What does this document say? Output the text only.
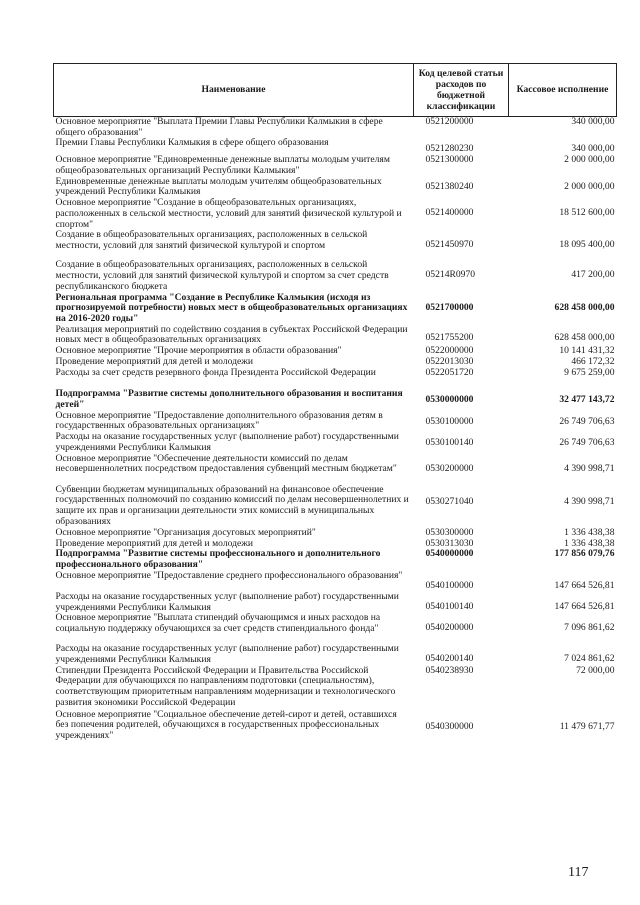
Наименование	Код целевой статьи расходов по бюджетной классификации	Кассовое исполнение
Основное мероприятие "Выплата Премии Главы Республики Калмыкия в сфере общего образования"	0521200000	340 000,00
Премии Главы Республики Калмыкия в сфере общего образования	0521280230	340 000,00
Основное мероприятие "Единовременные денежные выплаты молодым учителям общеобразовательных организаций Республики Калмыкия"	0521300000	2 000 000,00
Единовременные денежные выплаты молодым учителям общеобразовательных учреждений Республики Калмыкия	0521380240	2 000 000,00
Основное мероприятие "Создание в общеобразовательных организациях, расположенных в сельской местности, условий для занятий физической культурой и спортом"	0521400000	18 512 600,00
Создание в общеобразовательных организациях, расположенных в сельской местности, условий для занятий физической культурой и спортом	0521450970	18 095 400,00
Создание в общеобразовательных организациях, расположенных в сельской местности, условий для занятий физической культурой и спортом за счет средств республиканского бюджета	05214R0970	417 200,00
Региональная программа "Создание в Республике Калмыкия (исходя из прогнозируемой потребности) новых мест в общеобразовательных организациях на 2016-2020 годы"	0521700000	628 458 000,00
Реализация мероприятий по содействию создания в субъектах Российской Федерации новых мест в общеобразовательных организациях	0521755200	628 458 000,00
Основное мероприятие "Прочие мероприятия в области образования"	0522000000	10 141 431,32
Проведение мероприятий для детей и молодежи	0522013030	466 172,32
Расходы за счет средств резервного фонда Президента Российской Федерации	0522051720	9 675 259,00
Подпрограмма "Развитие системы дополнительного образования и воспитания детей"	0530000000	32 477 143,72
Основное мероприятие "Предоставление дополнительного образования детям в государственных образовательных организациях"	0530100000	26 749 706,63
Расходы на оказание государственных услуг (выполнение работ) государственными учреждениями Республики Калмыкия	0530100140	26 749 706,63
Основное мероприятие "Обеспечение деятельности комиссий по делам несовершеннолетних посредством предоставления субвенций местным бюджетам"	0530200000	4 390 998,71
Субвенции бюджетам муниципальных образований на финансовое обеспечение государственных полномочий по созданию комиссий по делам несовершеннолетних и защите их прав и организации деятельности этих комиссий в муниципальных образованиях	0530271040	4 390 998,71
Основное мероприятие "Организация досуговых мероприятий"	0530300000	1 336 438,38
Проведение мероприятий для детей и молодежи	0530313030	1 336 438,38
Подпрограмма "Развитие системы профессионального и дополнительного профессионального образования"	0540000000	177 856 079,76
Основное мероприятие "Предоставление среднего профессионального образования"	0540100000	147 664 526,81
Расходы на оказание государственных услуг (выполнение работ) государственными учреждениями Республики Калмыкия	0540100140	147 664 526,81
Основное мероприятие "Выплата стипендий обучающимся и иных расходов на социальную поддержку обучающихся за счет средств стипендиального фонда"	0540200000	7 096 861,62
Расходы на оказание государственных услуг (выполнение работ) государственными учреждениями Республики Калмыкия	0540200140	7 024 861,62
Стипендии Президента Российской Федерации и Правительства Российской Федерации для обучающихся по направлениям подготовки (специальностям), соответствующим приоритетным направлениям модернизации и технологического развития экономики Российской Федерации	0540238930	72 000,00
Основное мероприятие "Социальное обеспечение детей-сирот и детей, оставшихся без попечения родителей, обучающихся в государственных профессиональных учреждениях"	0540300000	11 479 671,77
117
